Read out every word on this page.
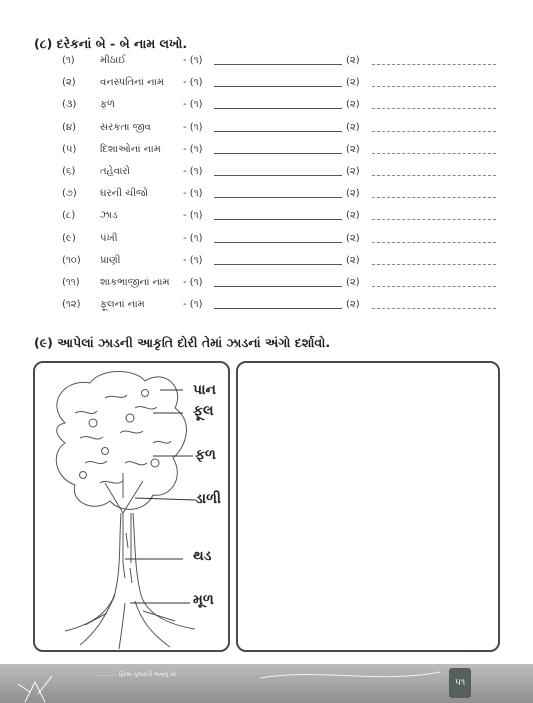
(૮) દરેકનાં બે - બે નામ લખો.
(૧)	મીઠાઈ	- (૧)	(૨)
(૨) વનસ્પતિનાં નામ - (૧)	(૨)
(૩) ફળ	- (૧)	(૨)
(૪) સરકતા જીવ	- (૧)	(૨)
(૫) દિશાઓનાં નામ - (૧)	(૨)
(૬) તહેવારો	- (૧)	(૨)
(૭) ઘરની ચીજો	- (૧)	(૨)
(૮) ઝાડ	- (૧)	(૨)
(૯) પંખી	- (૧)	(૨)
(૧૦) પ્રાણી	- (૧)	(૨)
(૧૧) શાકભાજીનાં નામ - (૧)	(૨)
(૧૨) ફૂલનાં નામ	- (૧)	(૨)
(૯) આપેલાં ઝાડની આકૃતિ દોરી તેમાં ઝાડનાં અંગો દર્શાવો.
પાન
ફૂલ
ફળ
ડાળી
થડ
મૂળ
............ ફિલ્માં ગુજરાતી ભાષાનું ખો
૫૧
